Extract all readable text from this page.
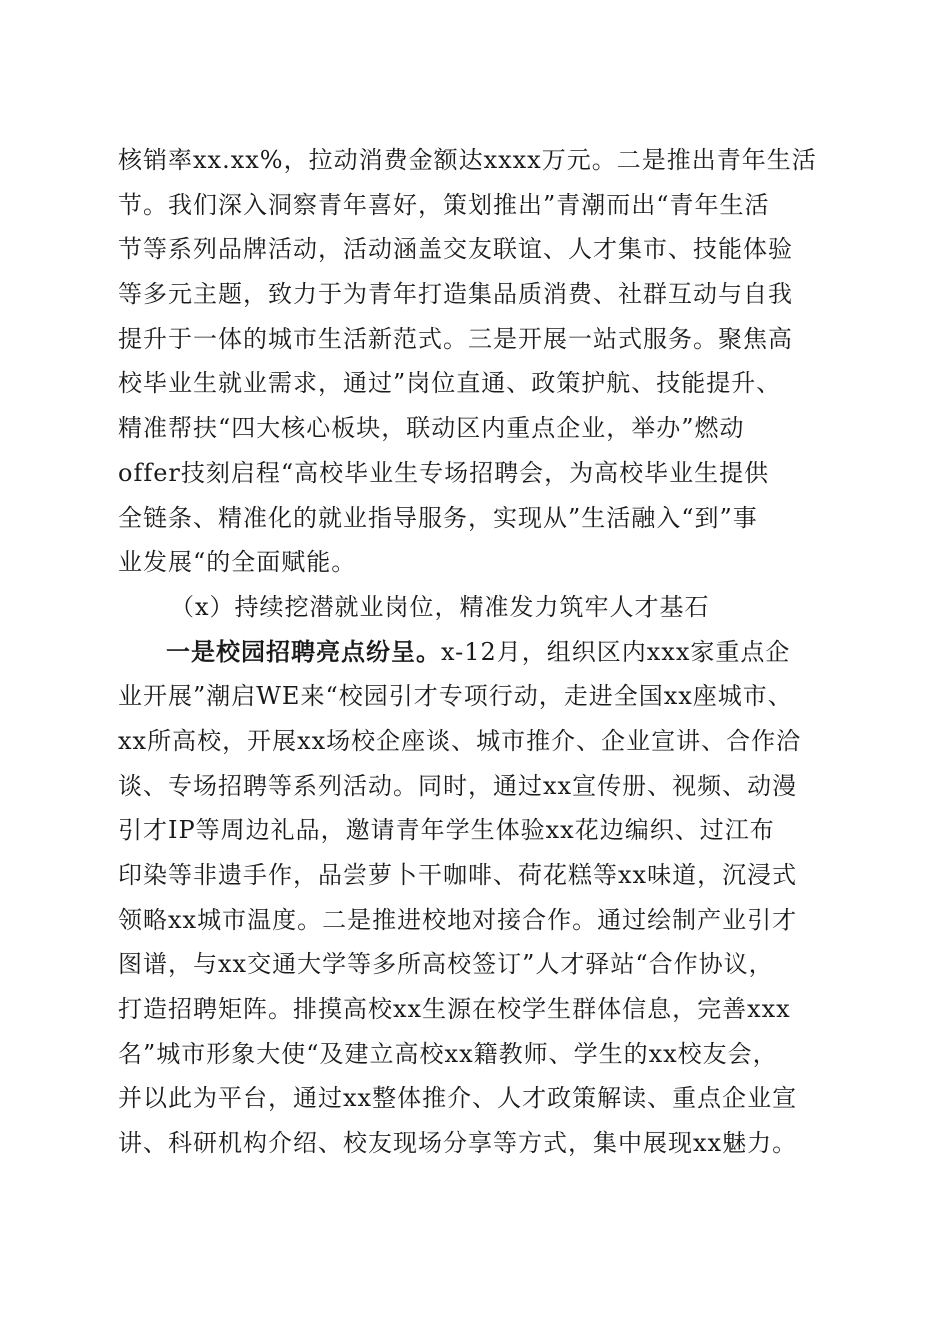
核销率xx.xx%，拉动消费金额达xxxx万元。二是推出青年生活
节。我们深入洞察青年喜好，策划推出”青潮而出“青年生活
节等系列品牌活动，活动涵盖交友联谊、人才集市、技能体验
等多元主题，致力于为青年打造集品质消费、社群互动与自我
提升于一体的城市生活新范式。三是开展一站式服务。聚焦高
校毕业生就业需求，通过”岗位直通、政策护航、技能提升、
精准帮扶“四大核心板块，联动区内重点企业，举办”燃动
offer技刻启程“高校毕业生专场招聘会，为高校毕业生提供
全链条、精准化的就业指导服务，实现从”生活融入“到”事
业发展“的全面赋能。
（x）持续挖潜就业岗位，精准发力筑牢人才基石
一是校园招聘亮点纷呈。x-12月，组织区内xxx家重点企
业开展”潮启WE来“校园引才专项行动，走进全国xx座城市、
xx所高校，开展xx场校企座谈、城市推介、企业宣讲、合作洽
谈、专场招聘等系列活动。同时，通过xx宣传册、视频、动漫
引才IP等周边礼品，邀请青年学生体验xx花边编织、过江布
印染等非遗手作，品尝萝卜干咖啡、荷花糕等xx味道，沉浸式
领略xx城市温度。二是推进校地对接合作。通过绘制产业引才
图谱，与xx交通大学等多所高校签订”人才驿站“合作协议，
打造招聘矩阵。排摸高校xx生源在校学生群体信息，完善xxx
名”城市形象大使“及建立高校xx籍教师、学生的xx校友会，
并以此为平台，通过xx整体推介、人才政策解读、重点企业宣
讲、科研机构介绍、校友现场分享等方式，集中展现xx魅力。
